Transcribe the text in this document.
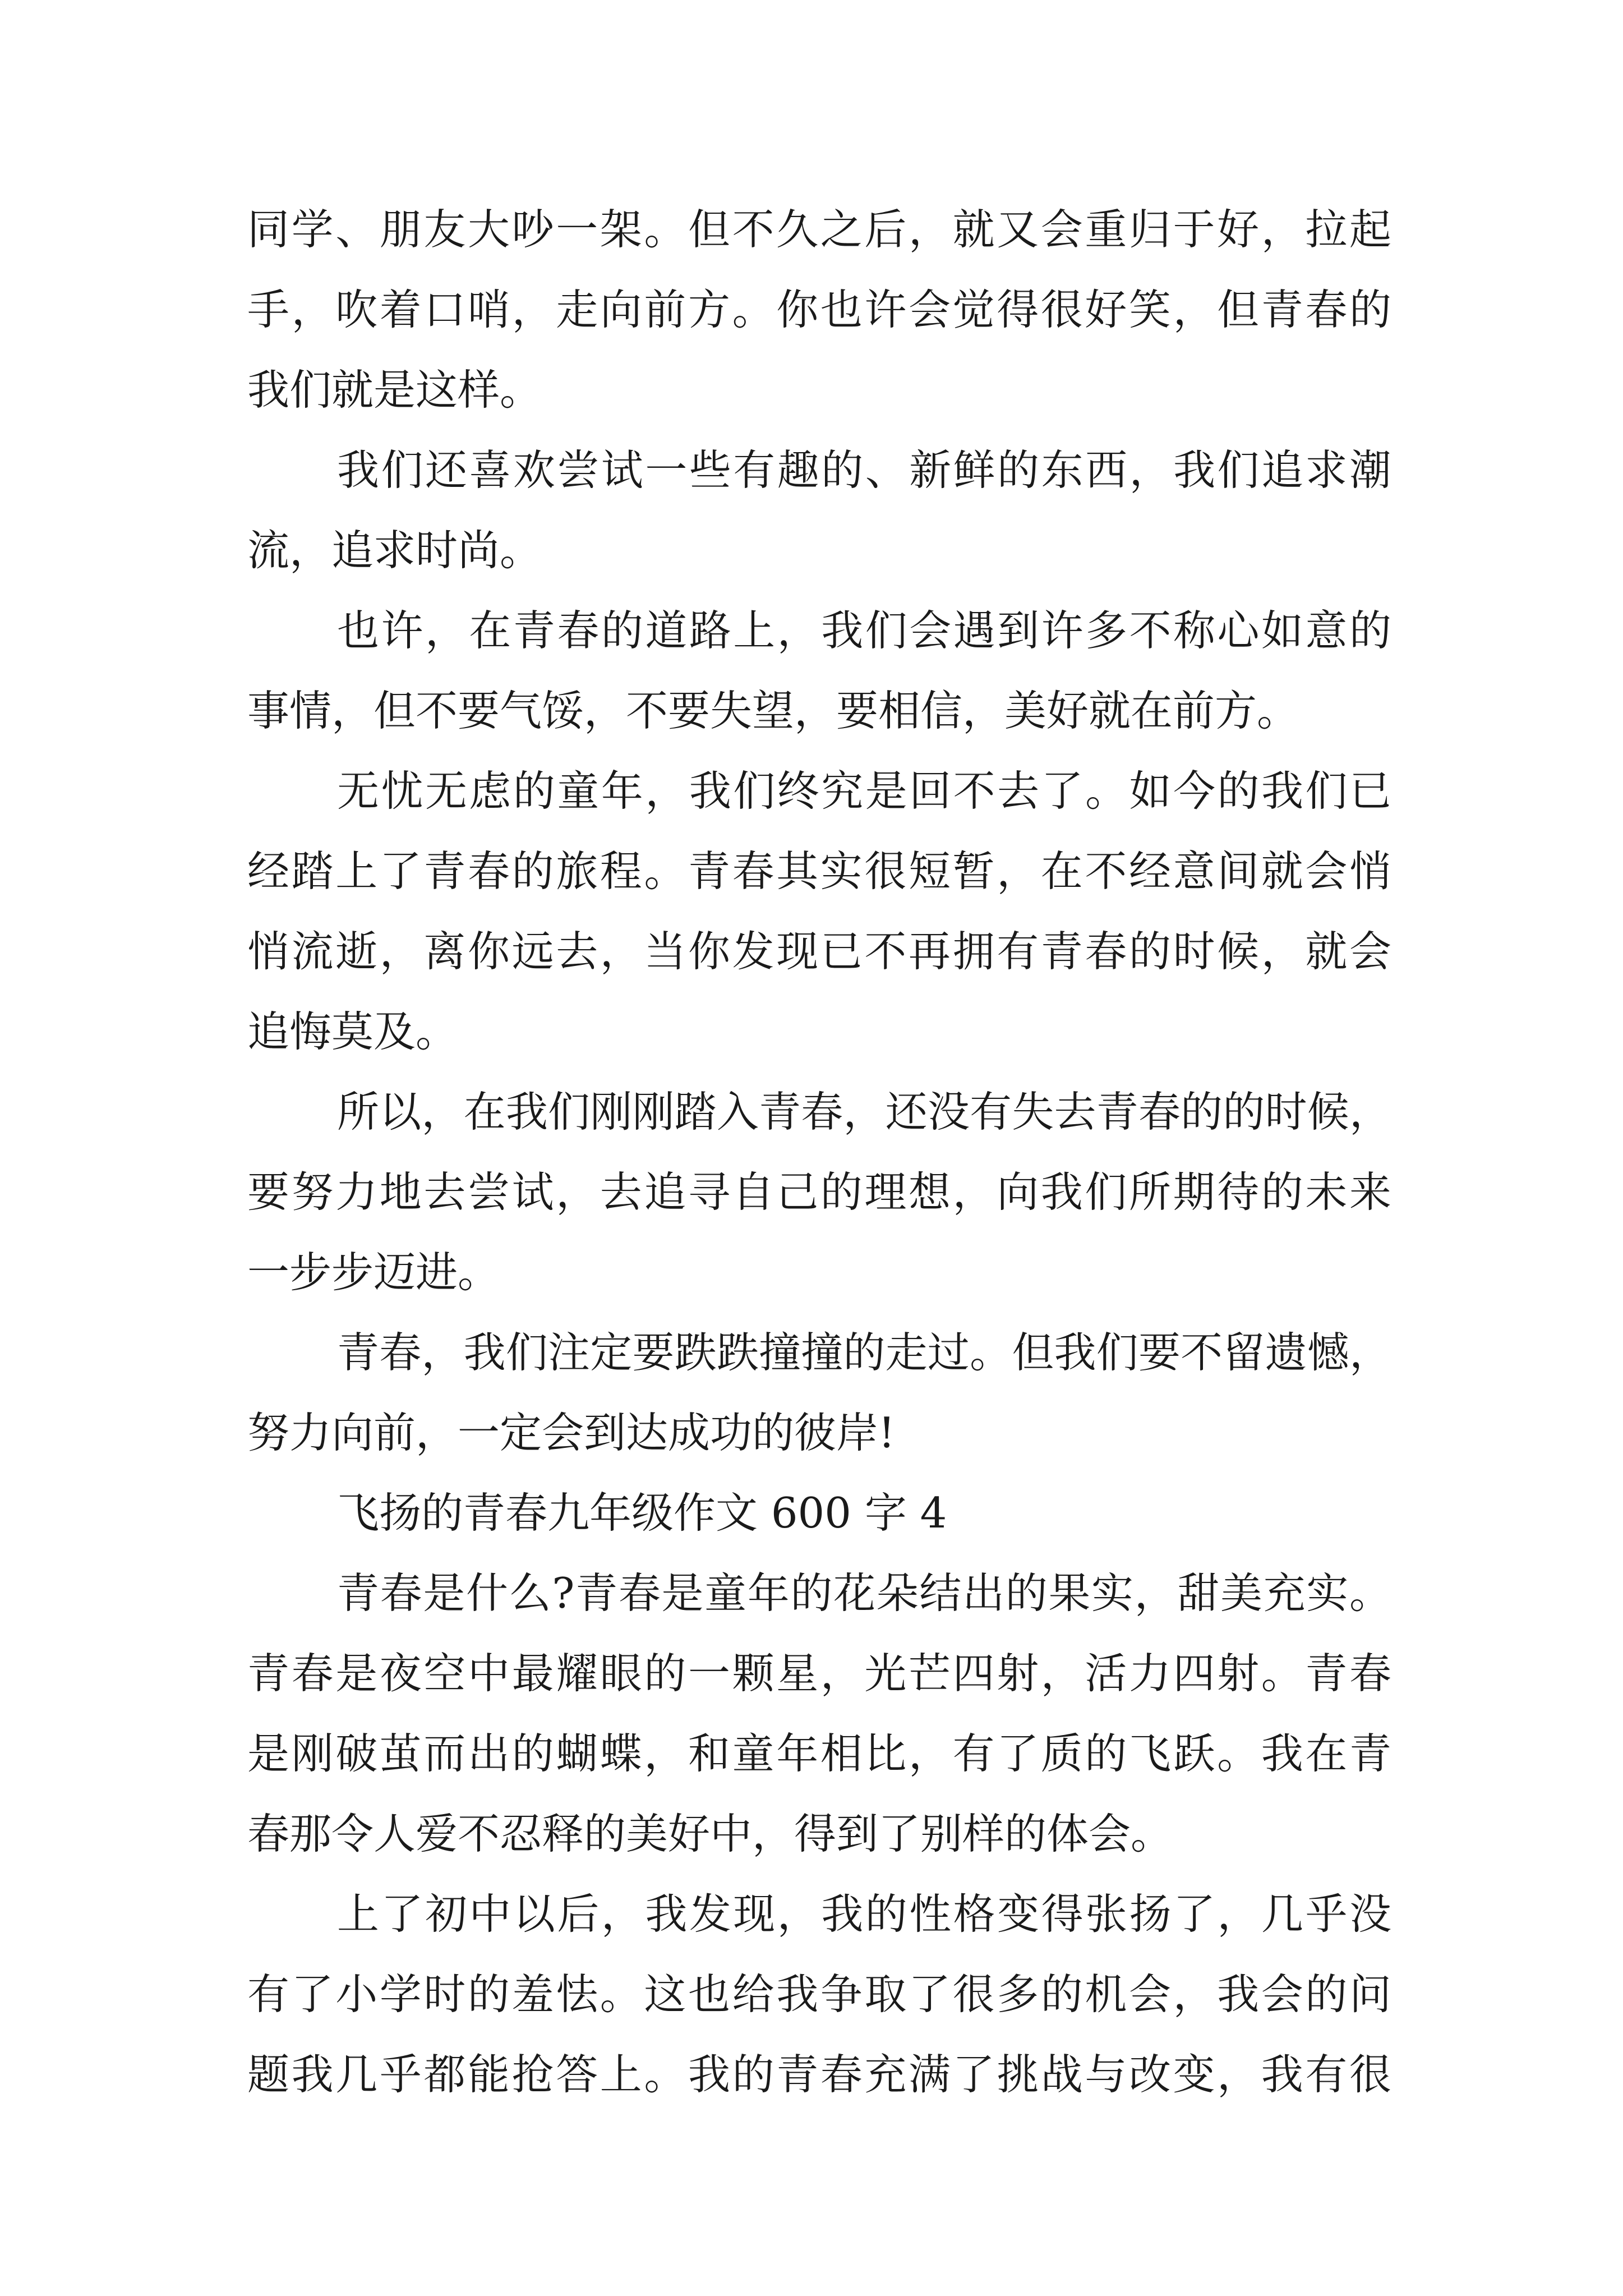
同学、朋友大吵一架。但不久之后，就又会重归于好，拉起
手，吹着口哨，走向前方。你也许会觉得很好笑，但青春的
我们就是这样。
我们还喜欢尝试一些有趣的、新鲜的东西，我们追求潮
流，追求时尚。
也许，在青春的道路上，我们会遇到许多不称心如意的
事情，但不要气馁，不要失望，要相信，美好就在前方。
无忧无虑的童年，我们终究是回不去了。如今的我们已
经踏上了青春的旅程。青春其实很短暂，在不经意间就会悄
悄流逝，离你远去，当你发现已不再拥有青春的时候，就会
追悔莫及。
所以，在我们刚刚踏入青春，还没有失去青春的的时候，
要努力地去尝试，去追寻自己的理想，向我们所期待的未来
一步步迈进。
青春，我们注定要跌跌撞撞的走过。但我们要不留遗憾，
努力向前，一定会到达成功的彼岸!
飞扬的青春九年级作文 600 字 4
青春是什么?青春是童年的花朵结出的果实，甜美充实。
青春是夜空中最耀眼的一颗星，光芒四射，活力四射。青春
是刚破茧而出的蝴蝶，和童年相比，有了质的飞跃。我在青
春那令人爱不忍释的美好中，得到了别样的体会。
上了初中以后，我发现，我的性格变得张扬了，几乎没
有了小学时的羞怯。这也给我争取了很多的机会，我会的问
题我几乎都能抢答上。我的青春充满了挑战与改变，我有很
